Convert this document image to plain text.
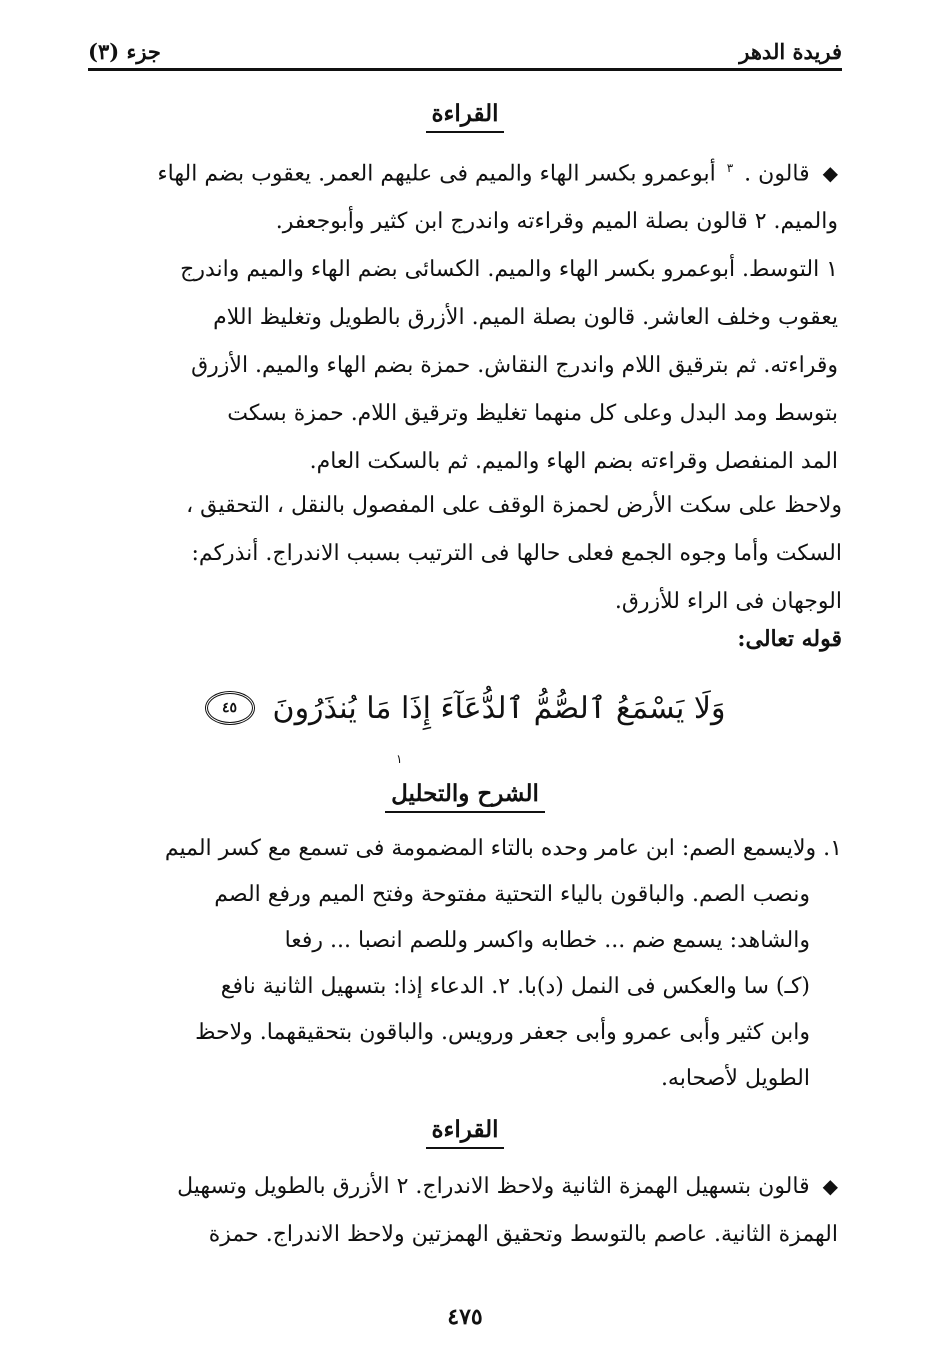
فريدة الدهر
جزء (٣)
القراءة

◆ قالون . $^٣$ أبوعمرو بكسر الهاء والميم فى عليهم العمر. يعقوب بضم الهاء

والميم. ٢ قالون بصلة الميم وقراءته واندرج ابن كثير وأبوجعفر.

١ التوسط. أبوعمرو بكسر الهاء والميم. الكسائى بضم الهاء والميم واندرج

يعقوب وخلف العاشر. قالون بصلة الميم. الأزرق بالطويل وتغليظ اللام

وقراءته. ثم بترقيق اللام واندرج النقاش. حمزة بضم الهاء والميم. الأزرق

بتوسط ومد البدل وعلى كل منهما تغليظ وترقيق اللام. حمزة بسكت

المد المنفصل وقراءته بضم الهاء والميم. ثم بالسكت العام.

ولاحظ على سكت الأرض لحمزة الوقف على المفصول بالنقل ، التحقيق ،

السكت وأما وجوه الجمع فعلى حالها فى الترتيب بسبب الاندراج. أنذركم:

الوجهان فى الراء للأزرق.

قوله تعالى:
وَلَا يَسْمَعُ ٱلصُّمُّ ٱلدُّعَآءَ إِذَا مَا يُنذَرُونَ
٤٥
١
الشرح والتحليل

١. ولايسمع الصم: ابن عامر وحده بالتاء المضمومة فى تسمع مع كسر الميم

ونصب الصم. والباقون بالياء التحتية مفتوحة وفتح الميم ورفع الصم

والشاهد: يسمع ضم ... خطابه واكسر وللصم انصبا ... رفعا

(كـ) سا والعكس فى النمل (د)با. ٢. الدعاء إذا: بتسهيل الثانية نافع

وابن كثير وأبى عمرو وأبى جعفر ورويس. والباقون بتحقيقهما. ولاحظ

الطويل لأصحابه.

القراءة

◆ قالون بتسهيل الهمزة الثانية ولاحظ الاندراج. ٢ الأزرق بالطويل وتسهيل

الهمزة الثانية. عاصم بالتوسط وتحقيق الهمزتين ولاحظ الاندراج. حمزة

٤٧٥
